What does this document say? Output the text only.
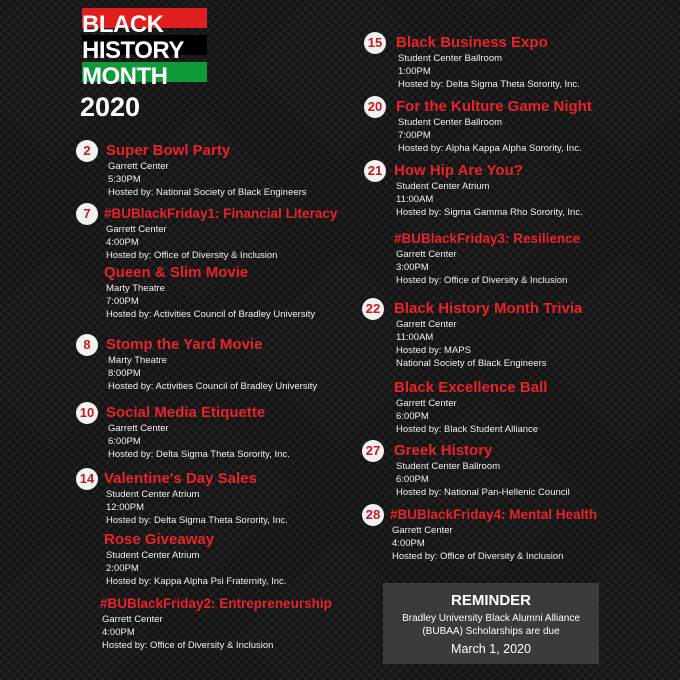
BLACK
HISTORY
MONTH
2020
2
7
8
10
14
15
20
21
22
27
28
Super Bowl Party
Garrett Center
5:30PM
Hosted by: National Society of Black Engineers
#BUBlackFriday1: Financial Literacy
Garrett Center
4:00PM
Hosted by: Office of Diversity & Inclusion
Queen & Slim Movie
Marty Theatre
7:00PM
Hosted by: Activities Council of Bradley University
Stomp the Yard Movie
Marty Theatre
8:00PM
Hosted by: Activities Council of Bradley University
Social Media Etiquette
Garrett Center
6:00PM
Hosted by: Delta Sigma Theta Sorority, Inc.
Valentine's Day Sales
Student Center Atrium
12:00PM
Hosted by: Delta Sigma Theta Sorority, Inc.
Rose Giveaway
Student Center Atrium
2:00PM
Hosted by: Kappa Alpha Psi Fraternity, Inc.
#BUBlackFriday2: Entrepreneurship
Garrett Center
4:00PM
Hosted by: Office of Diversity & Inclusion
Black Business Expo
Student Center Ballroom
1:00PM
Hosted by: Delta Sigma Theta Sorority, Inc.
For the Kulture Game Night
Student Center Ballroom
7:00PM
Hosted by: Alpha Kappa Alpha Sorority, Inc.
How Hip Are You?
Student Center Atrium
11:00AM
Hosted by: Sigma Gamma Rho Sorority, Inc.
#BUBlackFriday3: Resilience
Garrett Center
3:00PM
Hosted by: Office of Diversity & Inclusion
Black History Month Trivia
Garrett Center
11:00AM
Hosted by: MAPS
National Society of Black Engineers
Black Excellence Ball
Garrett Center
6:00PM
Hosted by: Black Student Alliance
Greek History
Student Center Ballroom
6:00PM
Hosted by: National Pan-Hellenic Council
#BUBlackFriday4: Mental Health
Garrett Center
4:00PM
Hosted by: Office of Diversity & Inclusion
REMINDER
Bradley University Black Alumni Alliance (BUBAA) Scholarships are due
March 1, 2020
